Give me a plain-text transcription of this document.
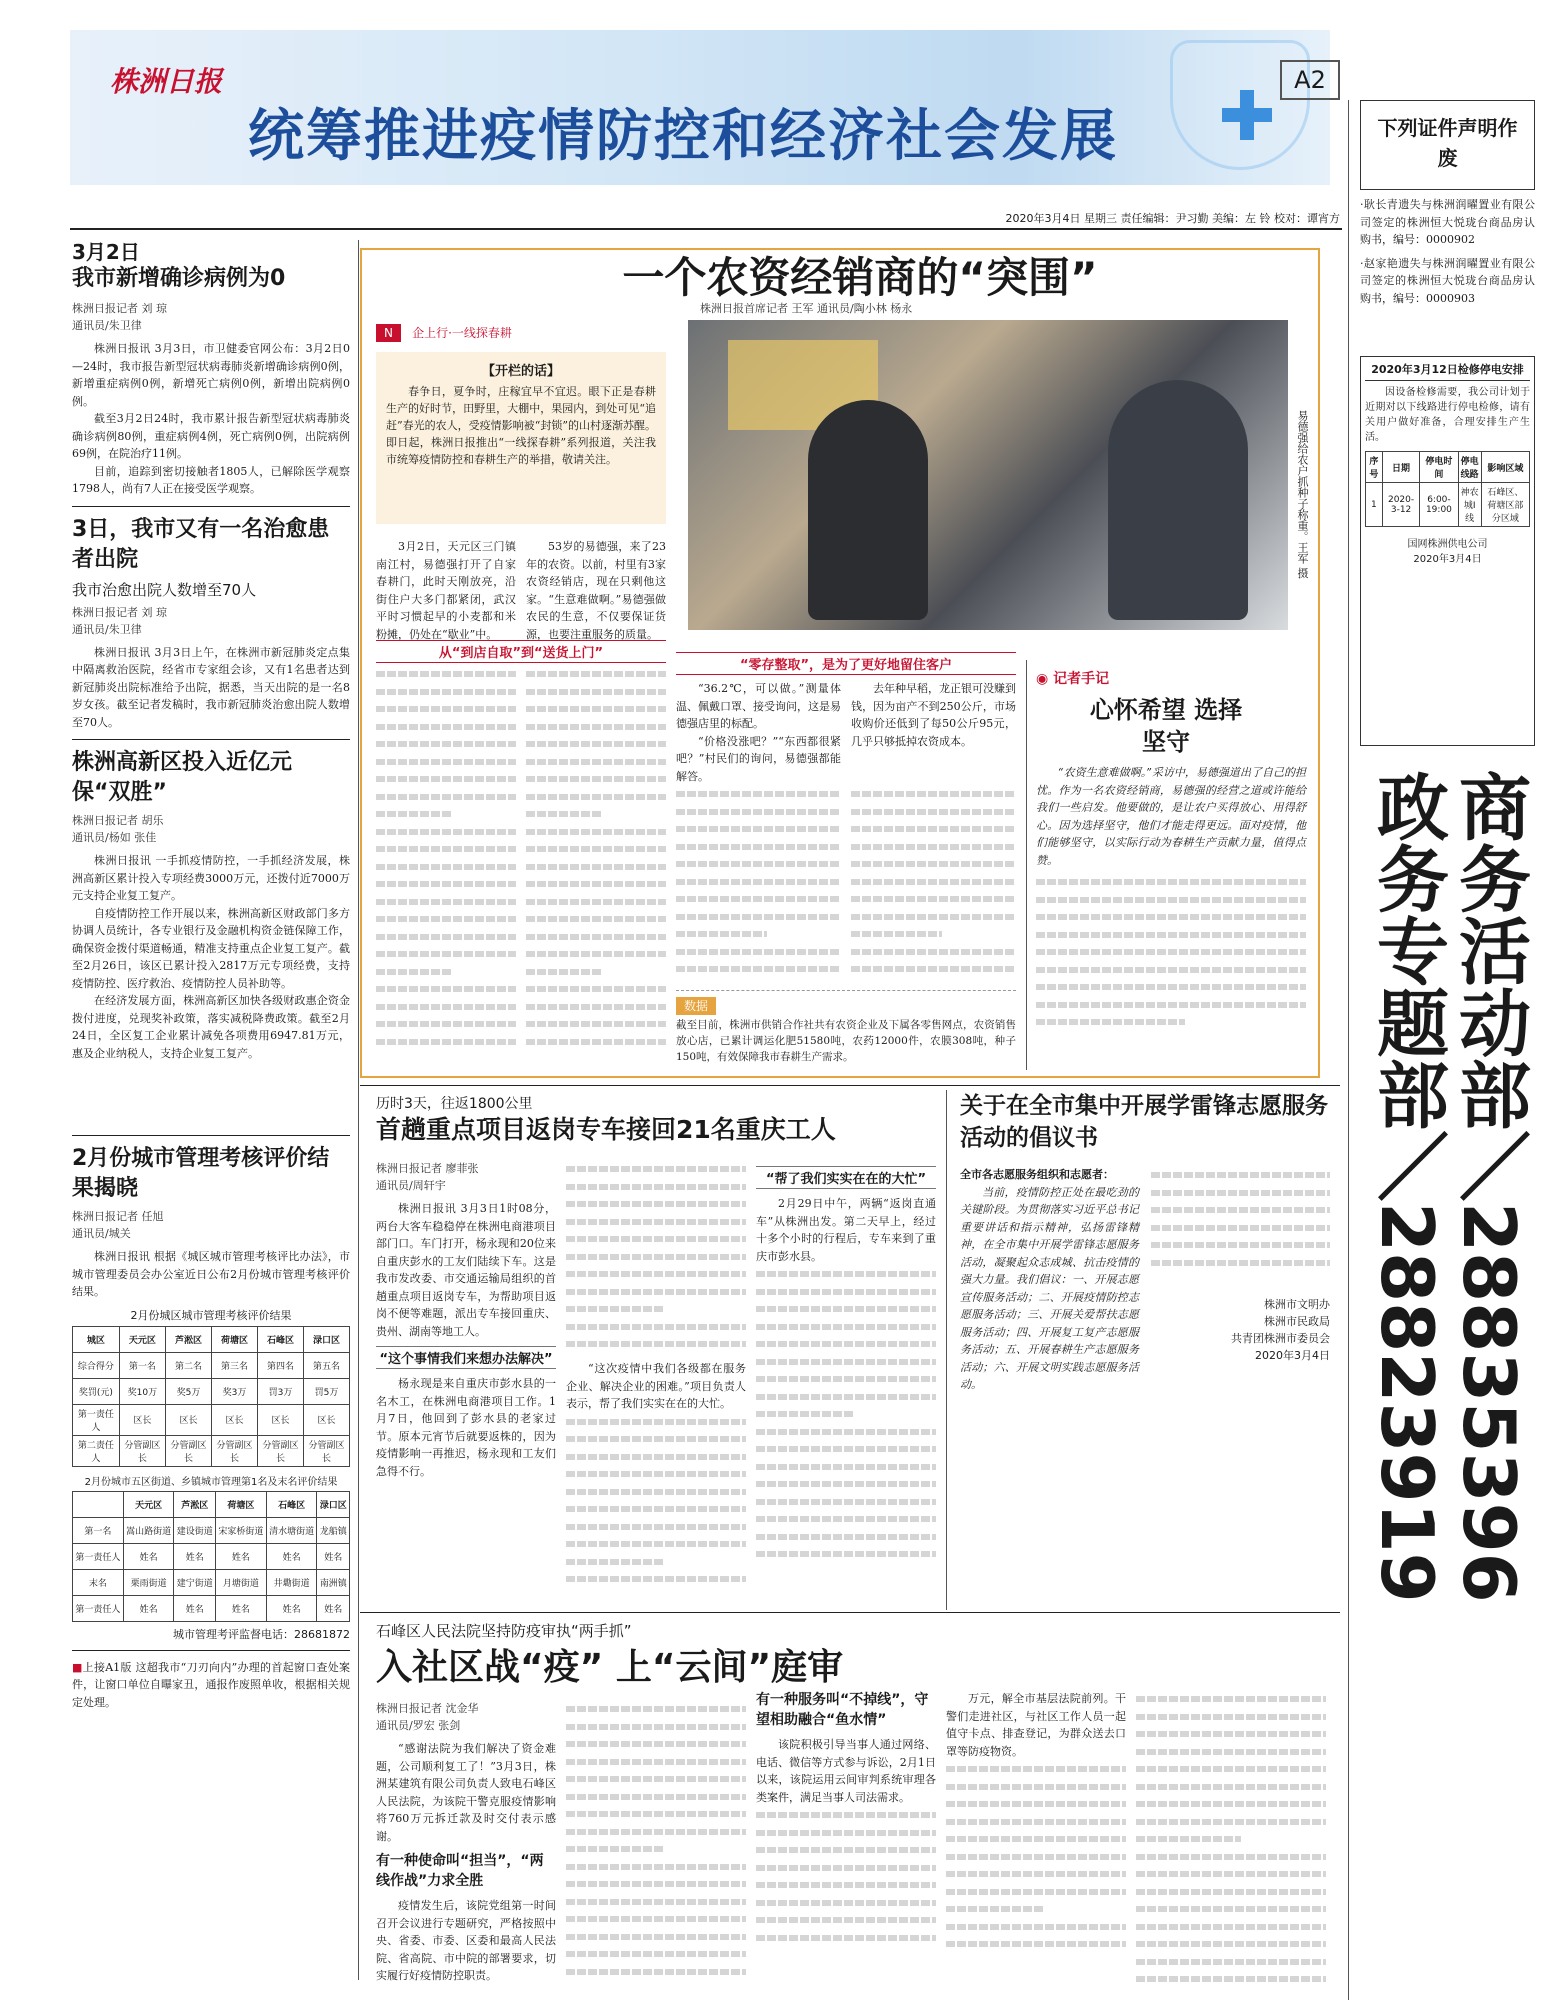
株洲日报
统筹推进疫情防控和经济社会发展
A2
2020年3月4日 星期三 责任编辑：尹习勤 美编：左 铃 校对：谭宵方
3月2日
我市新增确诊病例为0
株洲日报记者 刘 琼
通讯员/朱卫律

株洲日报讯 3月3日，市卫健委官网公布：3月2日0—24时，我市报告新型冠状病毒肺炎新增确诊病例0例，新增重症病例0例，新增死亡病例0例，新增出院病例0例。

截至3月2日24时，我市累计报告新型冠状病毒肺炎确诊病例80例，重症病例4例，死亡病例0例，出院病例69例，在院治疗11例。

目前，追踪到密切接触者1805人，已解除医学观察1798人，尚有7人正在接受医学观察。

3日，我市又有一名治愈患者出院
我市治愈出院人数增至70人
株洲日报记者 刘 琼
通讯员/朱卫律

株洲日报讯 3月3日上午，在株洲市新冠肺炎定点集中隔离救治医院，经省市专家组会诊，又有1名患者达到新冠肺炎出院标准给予出院，据悉，当天出院的是一名8岁女孩。截至记者发稿时，我市新冠肺炎治愈出院人数增至70人。

株洲高新区投入近亿元保“双胜”
株洲日报记者 胡乐
通讯员/杨如 张佳

株洲日报讯 一手抓疫情防控，一手抓经济发展，株洲高新区累计投入专项经费3000万元，还拨付近7000万元支持企业复工复产。

自疫情防控工作开展以来，株洲高新区财政部门多方协调人员统计，各专业银行及金融机构资金链保障工作，确保资金拨付渠道畅通，精准支持重点企业复工复产。截至2月26日，该区已累计投入2817万元专项经费，支持疫情防控、医疗救治、疫情防控人员补助等。

在经济发展方面，株洲高新区加快各级财政惠企资金拨付进度，兑现奖补政策，落实减税降费政策。截至2月24日，全区复工企业累计减免各项费用6947.81万元，惠及企业纳税人，支持企业复工复产。

2月份城市管理考核评价结果揭晓
株洲日报记者 任旭
通讯员/城关

株洲日报讯 根据《城区城市管理考核评比办法》，市城市管理委员会办公室近日公布2月份城市管理考核评价结果。

2月份城区城市管理考核评价结果
城区	天元区	芦淞区	荷塘区	石峰区	渌口区
综合得分	第一名	第二名	第三名	第四名	第五名
奖罚(元)	奖10万	奖5万	奖3万	罚3万	罚5万
第一责任人	区长	区长	区长	区长	区长
第二责任人	分管副区长	分管副区长	分管副区长	分管副区长	分管副区长
2月份城市五区街道、乡镇城市管理第1名及末名评价结果
	天元区	芦淞区	荷塘区	石峰区	渌口区
第一名	嵩山路街道	建设街道	宋家桥街道	清水塘街道	龙船镇
第一责任人	姓名	姓名	姓名	姓名	姓名
末名	栗雨街道	建宁街道	月塘街道	井墈街道	南洲镇
第一责任人	姓名	姓名	姓名	姓名	姓名
城市管理考评监督电话：28681872

■上接A1版 这超我市“刀刃向内”办理的首起窗口查处案件，让窗口单位自曝家丑，通报作废照单收，根据相关规定处理。

一个农资经销商的“突围”
株洲日报首席记者 王军 通讯员/陶小林 杨永
N 企上行·一线探春耕
【开栏的话】

春争日，夏争时，庄稼宜早不宜迟。眼下正是春耕生产的好时节，田野里，大棚中，果园内，到处可见“追赶”春光的农人，受疫情影响被“封锁”的山村逐渐苏醒。即日起，株洲日报推出“一线探春耕”系列报道，关注我市统筹疫情防控和春耕生产的举措，敬请关注。	易德强给农户抓种子称重。王军 摄

3月2日，天元区三门镇南江村，易德强打开了自家春耕门，此时天刚放亮，沿街住户大多门都紧闭，武汉平时习惯起早的小麦都和米粉摊，仍处在“歇业”中。

53岁的易德强，来了23年的农资。以前，村里有3家农资经销店，现在只剩他这家。“生意难做啊。”易德强做农民的生意，不仅要保证货源，也要注重服务的质量。

从“到店自取”到“送货上门”
“零存整取”，是为了更好地留住客户

“36.2℃，可以做。”测量体温、佩戴口罩、接受询问，这是易德强店里的标配。

“价格没涨吧？”“东西都很紧吧？”村民们的询问，易德强都能解答。

去年种早稻，龙正银可没赚到钱，因为亩产不到250公斤，市场收购价还低到了每50公斤95元，几乎只够抵掉农资成本。

数据

截至目前，株洲市供销合作社共有农资企业及下属各零售网点，农资销售放心店，已累计调运化肥51580吨，农药12000件，农膜308吨，种子150吨，有效保障我市春耕生产需求。

◉ 记者手记
心怀希望 选择坚守

“农资生意难做啊。”采访中，易德强道出了自己的担忧。作为一名农资经销商，易德强的经营之道或许能给我们一些启发。他要做的，是让农户买得放心、用得舒心。因为选择坚守，他们才能走得更远。面对疫情，他们能够坚守，以实际行动为春耕生产贡献力量，值得点赞。

下列证件声明作废

·耿长青遗失与株洲润曜置业有限公司签定的株洲恒大悦珑台商品房认购书，编号：0000902

·赵家艳遗失与株洲润曜置业有限公司签定的株洲恒大悦珑台商品房认购书，编号：0000903

2020年3月12日检修停电安排

因设备检修需要，我公司计划于近期对以下线路进行停电检修，请有关用户做好准备，合理安排生产生活。

序号	日期	停电时间	停电线路	影响区域
1	2020-3-12	6:00-19:00	神农城Ⅰ线	石峰区、荷塘区部分区域
国网株洲供电公司
2020年3月4日
商务活动部／28835396
政务专题部／28823919
历时3天，往返1800公里
首趟重点项目返岗专车接回21名重庆工人
株洲日报记者 廖菲张
通讯员/周轩宇

株洲日报讯 3月3日1时08分，两台大客车稳稳停在株洲电商港项目部门口。车门打开，杨永现和20位来自重庆彭水的工友们陆续下车。这是我市发改委、市交通运输局组织的首趟重点项目返岗专车，为帮助项目返岗不便等难题，派出专车接回重庆、贵州、湖南等地工人。

“这个事情我们来想办法解决”

杨永现是来自重庆市彭水县的一名木工，在株洲电商港项目工作。1月7日，他回到了彭水县的老家过节。原本元宵节后就要返株的，因为疫情影响一再推迟，杨永现和工友们急得不行。

“这次疫情中我们各级都在服务企业、解决企业的困难。”项目负责人表示，帮了我们实实在在的大忙。

“帮了我们实实在在的大忙”

2月29日中午，两辆“返岗直通车”从株洲出发。第二天早上，经过十多个小时的行程后，专车来到了重庆市彭水县。

关于在全市集中开展学雷锋志愿服务活动的倡议书

全市各志愿服务组织和志愿者：

当前，疫情防控正处在最吃劲的关键阶段。为贯彻落实习近平总书记重要讲话和指示精神，弘扬雷锋精神，在全市集中开展学雷锋志愿服务活动，凝聚起众志成城、抗击疫情的强大力量。我们倡议：一、开展志愿宣传服务活动；二、开展疫情防控志愿服务活动；三、开展关爱帮扶志愿服务活动；四、开展复工复产志愿服务活动；五、开展春耕生产志愿服务活动；六、开展文明实践志愿服务活动。

株洲市文明办
株洲市民政局
共青团株洲市委员会
2020年3月4日
石峰区人民法院坚持防疫审执“两手抓”
入社区战“疫” 上“云间”庭审
株洲日报记者 沈金华
通讯员/罗宏 张剑

“感谢法院为我们解决了资金难题，公司顺利复工了！”3月3日，株洲某建筑有限公司负责人致电石峰区人民法院，为该院干警克服疫情影响将760万元拆迁款及时交付表示感谢。

有一种使命叫“担当”，“两线作战”力求全胜

疫情发生后，该院党组第一时间召开会议进行专题研究，严格按照中央、省委、市委、区委和最高人民法院、省高院、市中院的部署要求，切实履行好疫情防控职责。

有一种服务叫“不掉线”，守望相助融合“鱼水情”

该院积极引导当事人通过网络、电话、微信等方式参与诉讼，2月1日以来，该院运用云间审判系统审理各类案件，满足当事人司法需求。

万元，解全市基层法院前列。干警们走进社区，与社区工作人员一起值守卡点、排查登记，为群众送去口罩等防疫物资。
